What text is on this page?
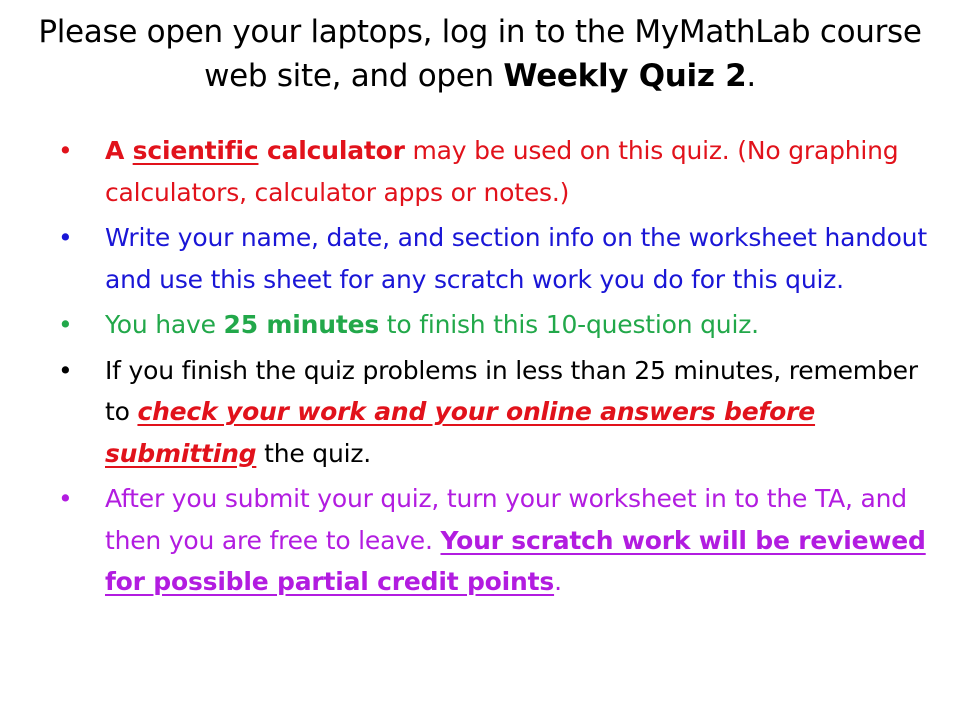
Please open your laptops, log in to the MyMathLab course web site, and open Weekly Quiz 2.
• A scientific calculator may be used on this quiz. (No graphing calculators, calculator apps or notes.)
• Write your name, date, and section info on the worksheet handout and use this sheet for any scratch work you do for this quiz.
• You have 25 minutes to finish this 10-question quiz.
• If you finish the quiz problems in less than 25 minutes, remember to check your work and your online answers before submitting the quiz.
• After you submit your quiz, turn your worksheet in to the TA, and then you are free to leave. Your scratch work will be reviewed for possible partial credit points.
